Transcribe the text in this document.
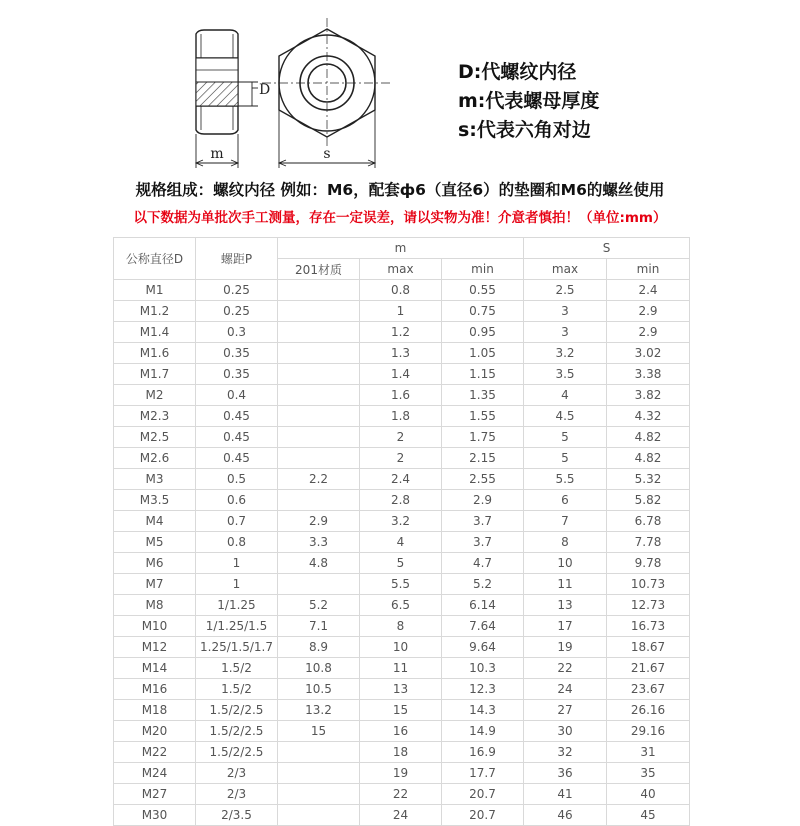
D
m	s
D:代螺纹内径
m:代表螺母厚度
s:代表六角对边
规格组成：螺纹内径 例如：M6，配套ф6（直径6）的垫圈和M6的螺丝使用
以下数据为单批次手工测量，存在一定误差，请以实物为准！介意者慎拍！（单位:mm）
公称直径D	螺距P	m			S	
		201材质	max	min	max	min
M1	0.25		0.8	0.55	2.5	2.4
M1.2	0.25		1	0.75	3	2.9
M1.4	0.3		1.2	0.95	3	2.9
M1.6	0.35		1.3	1.05	3.2	3.02
M1.7	0.35		1.4	1.15	3.5	3.38
M2	0.4		1.6	1.35	4	3.82
M2.3	0.45		1.8	1.55	4.5	4.32
M2.5	0.45		2	1.75	5	4.82
M2.6	0.45		2	2.15	5	4.82
M3	0.5	2.2	2.4	2.55	5.5	5.32
M3.5	0.6		2.8	2.9	6	5.82
M4	0.7	2.9	3.2	3.7	7	6.78
M5	0.8	3.3	4	3.7	8	7.78
M6	1	4.8	5	4.7	10	9.78
M7	1		5.5	5.2	11	10.73
M8	1/1.25	5.2	6.5	6.14	13	12.73
M10	1/1.25/1.5	7.1	8	7.64	17	16.73
M12	1.25/1.5/1.7	8.9	10	9.64	19	18.67
M14	1.5/2	10.8	11	10.3	22	21.67
M16	1.5/2	10.5	13	12.3	24	23.67
M18	1.5/2/2.5	13.2	15	14.3	27	26.16
M20	1.5/2/2.5	15	16	14.9	30	29.16
M22	1.5/2/2.5		18	16.9	32	31
M24	2/3		19	17.7	36	35
M27	2/3		22	20.7	41	40
M30	2/3.5		24	20.7	46	45
